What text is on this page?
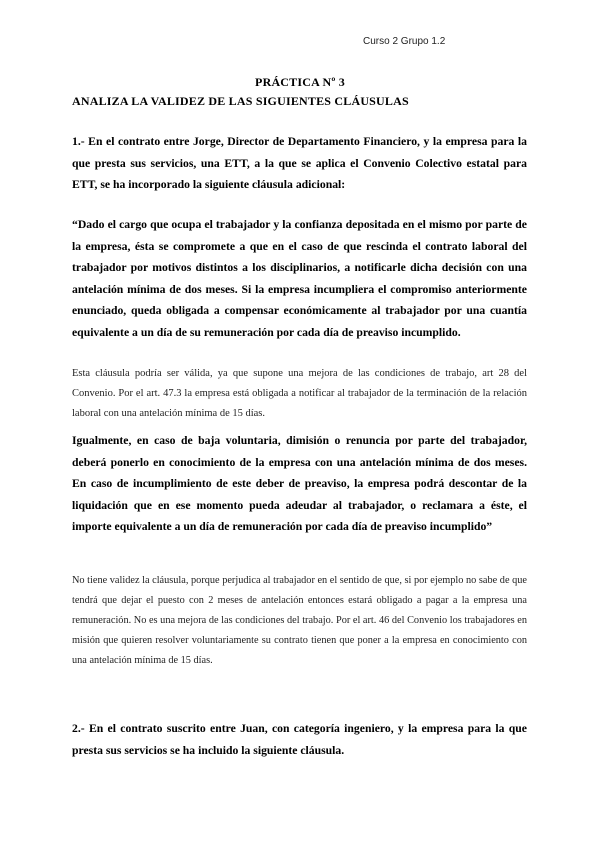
Curso 2 Grupo 1.2
PRÁCTICA Nº 3
ANALIZA LA VALIDEZ DE LAS SIGUIENTES CLÁUSULAS

1.- En el contrato entre Jorge, Director de Departamento Financiero, y la empresa para la que presta sus servicios, una ETT, a la que se aplica el Convenio Colectivo estatal para ETT, se ha incorporado la siguiente cláusula adicional:

“Dado el cargo que ocupa el trabajador y la confianza depositada en el mismo por parte de la empresa, ésta se compromete a que en el caso de que rescinda el contrato laboral del trabajador por motivos distintos a los disciplinarios, a notificarle dicha decisión con una antelación mínima de dos meses. Si la empresa incumpliera el compromiso anteriormente enunciado, queda obligada a compensar económicamente al trabajador por una cuantía equivalente a un día de su remuneración por cada día de preaviso incumplido.

Esta cláusula podría ser válida, ya que supone una mejora de las condiciones de trabajo, art 28 del Convenio. Por el art. 47.3 la empresa está obligada a notificar al trabajador de la terminación de la relación laboral con una antelación mínima de 15 días.

Igualmente, en caso de baja voluntaria, dimisión o renuncia por parte del trabajador, deberá ponerlo en conocimiento de la empresa con una antelación mínima de dos meses. En caso de incumplimiento de este deber de preaviso, la empresa podrá descontar de la liquidación que en ese momento pueda adeudar al trabajador, o reclamara a éste, el importe equivalente a un día de remuneración por cada día de preaviso incumplido”

No tiene validez la cláusula, porque perjudica al trabajador en el sentido de que, si por ejemplo no sabe de que tendrá que dejar el puesto con 2 meses de antelación entonces estará obligado a pagar a la empresa una remuneración. No es una mejora de las condiciones del trabajo. Por el art. 46 del Convenio los trabajadores en misión que quieren resolver voluntariamente su contrato tienen que poner a la empresa en conocimiento con una antelación mínima de 15 días.

2.- En el contrato suscrito entre Juan, con categoría ingeniero, y la empresa para la que presta sus servicios se ha incluido la siguiente cláusula.
